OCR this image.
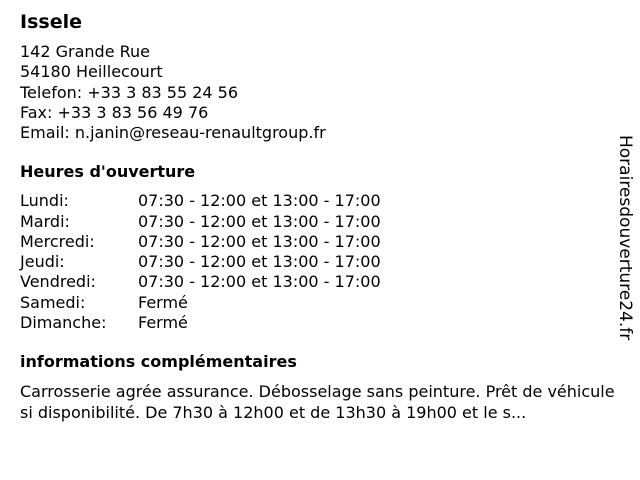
Issele
142 Grande Rue
54180 Heillecourt
Telefon: +33 3 83 55 24 56
Fax: +33 3 83 56 49 76
Email: n.janin@reseau-renaultgroup.fr
Heures d'ouverture
Lundi:	07:30 - 12:00 et 13:00 - 17:00
Mardi:	07:30 - 12:00 et 13:00 - 17:00
Mercredi:	07:30 - 12:00 et 13:00 - 17:00
Jeudi:	07:30 - 12:00 et 13:00 - 17:00
Vendredi:	07:30 - 12:00 et 13:00 - 17:00
Samedi:	Fermé
Dimanche:	Fermé
informations complémentaires

Carrosserie agrée assurance. Débosselage sans peinture. Prêt de véhicule si disponibilité. De 7h30 à 12h00 et de 13h30 à 19h00 et le s...

Horairesdouverture24.fr
